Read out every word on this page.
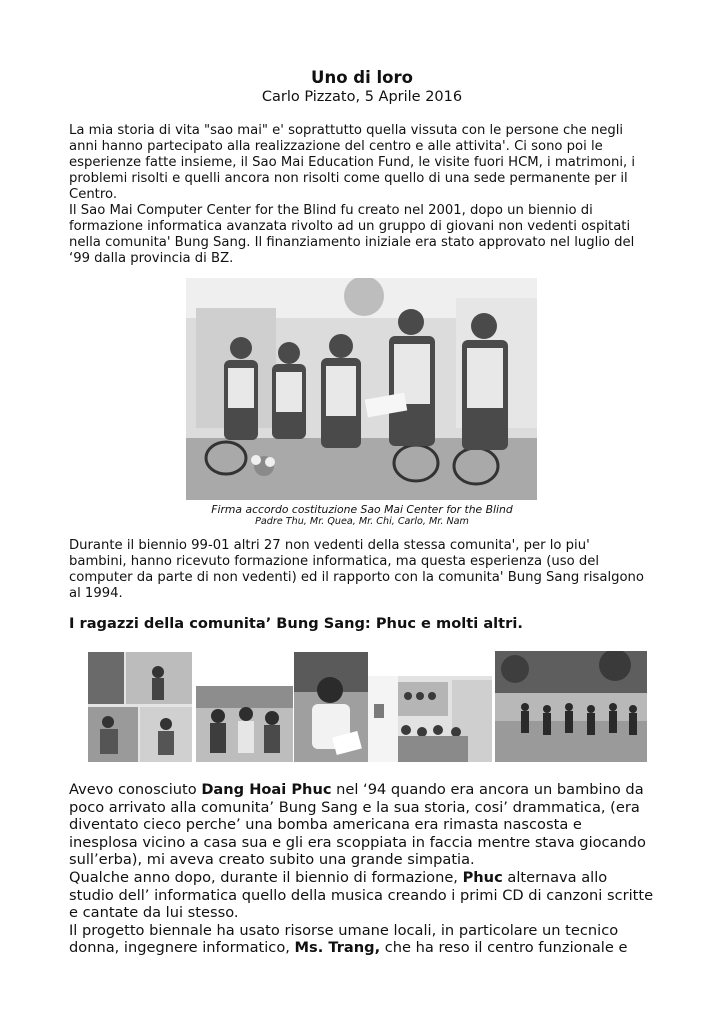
Uno di loro
Carlo Pizzato, 5 Aprile 2016

La mia storia di vita "sao mai" e' soprattutto quella vissuta con le persone che negli
anni hanno partecipato alla realizzazione del centro e alle attivita'. Ci sono poi le
esperienze fatte insieme, il Sao Mai Education Fund, le visite fuori HCM, i matrimoni, i
problemi risolti e quelli ancora non risolti come quello di una sede permanente per il
Centro.
Il Sao Mai Computer Center for the Blind fu creato nel 2001, dopo un biennio di
formazione informatica avanzata rivolto ad un gruppo di giovani non vedenti ospitati
nella comunita' Bung Sang. Il finanziamento iniziale era stato approvato nel luglio del
‘99 dalla provincia di BZ.

Firma accordo costituzione Sao Mai Center for the Blind
Padre Thu, Mr. Quea, Mr. Chi, Carlo, Mr. Nam

Durante il biennio 99-01 altri 27 non vedenti della stessa comunita', per lo piu'
bambini, hanno ricevuto formazione informatica, ma questa esperienza (uso del
computer da parte di non vedenti) ed il rapporto con la comunita' Bung Sang risalgono
al 1994.

I ragazzi della comunita’ Bung Sang: Phuc e molti altri.

Avevo conosciuto Dang Hoai Phuc nel ‘94 quando era ancora un bambino da
poco arrivato alla comunita’ Bung Sang e la sua storia, cosi’ drammatica, (era
diventato cieco perche’ una bomba americana era rimasta nascosta e
inesplosa vicino a casa sua e gli era scoppiata in faccia mentre stava giocando
sull’erba), mi aveva creato subito una grande simpatia.
Qualche anno dopo, durante il biennio di formazione, Phuc alternava allo
studio dell’ informatica quello della musica creando i primi CD di canzoni scritte
e cantate da lui stesso.
Il progetto biennale ha usato risorse umane locali, in particolare un tecnico
donna, ingegnere informatico, Ms. Trang, che ha reso il centro funzionale e
